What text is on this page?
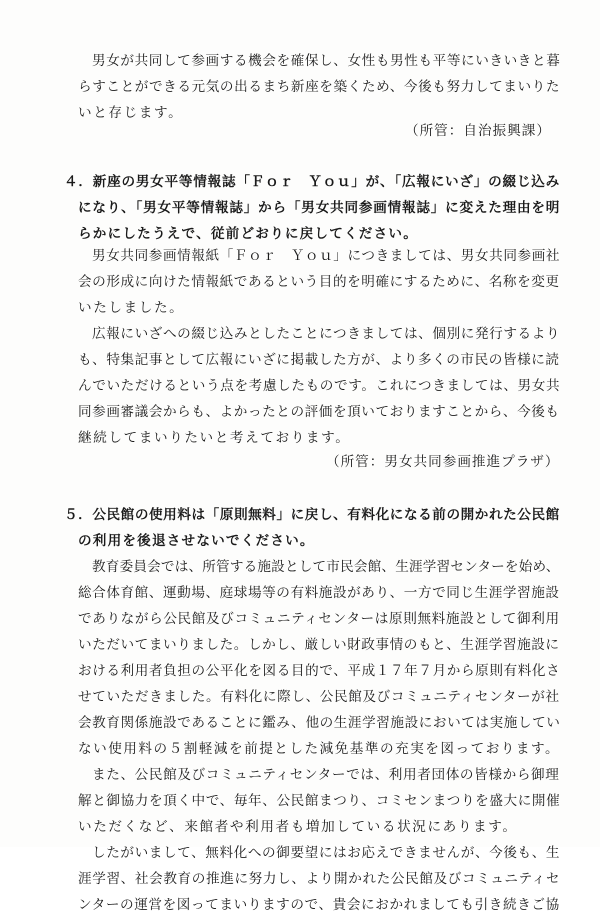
男女が共同して参画する機会を確保し、女性も男性も平等にいきいきと暮
らすことができる元気の出るまち新座を築くため、今後も努力してまいりた
いと存じます。
（所管：自治振興課）
４．新座の男女平等情報誌「Ｆｏｒ　Ｙｏｕ」が、「広報にいざ」の綴じ込み
になり、「男女平等情報誌」から「男女共同参画情報誌」に変えた理由を明
らかにしたうえで、従前どおりに戻してください。
男女共同参画情報紙「Ｆｏｒ　Ｙｏｕ」につきましては、男女共同参画社
会の形成に向けた情報紙であるという目的を明確にするために、名称を変更
いたしました。
広報にいざへの綴じ込みとしたことにつきましては、個別に発行するより
も、特集記事として広報にいざに掲載した方が、より多くの市民の皆様に読
んでいただけるという点を考慮したものです。これにつきましては、男女共
同参画審議会からも、よかったとの評価を頂いておりますことから、今後も
継続してまいりたいと考えております。
（所管：男女共同参画推進プラザ）
５．公民館の使用料は「原則無料」に戻し、有料化になる前の開かれた公民館
の利用を後退させないでください。
教育委員会では、所管する施設として市民会館、生涯学習センターを始め、
総合体育館、運動場、庭球場等の有料施設があり、一方で同じ生涯学習施設
でありながら公民館及びコミュニティセンターは原則無料施設として御利用
いただいてまいりました。しかし、厳しい財政事情のもと、生涯学習施設に
おける利用者負担の公平化を図る目的で、平成１７年７月から原則有料化さ
せていただきました。有料化に際し、公民館及びコミュニティセンターが社
会教育関係施設であることに鑑み、他の生涯学習施設においては実施してい
ない使用料の５割軽減を前提とした減免基準の充実を図っております。
また、公民館及びコミュニティセンターでは、利用者団体の皆様から御理
解と御協力を頂く中で、毎年、公民館まつり、コミセンまつりを盛大に開催
いただくなど、来館者や利用者も増加している状況にあります。
したがいまして、無料化への御要望にはお応えできませんが、今後も、生
涯学習、社会教育の推進に努力し、より開かれた公民館及びコミュニティセ
ンターの運営を図ってまいりますので、貴会におかれましても引き続きご協
